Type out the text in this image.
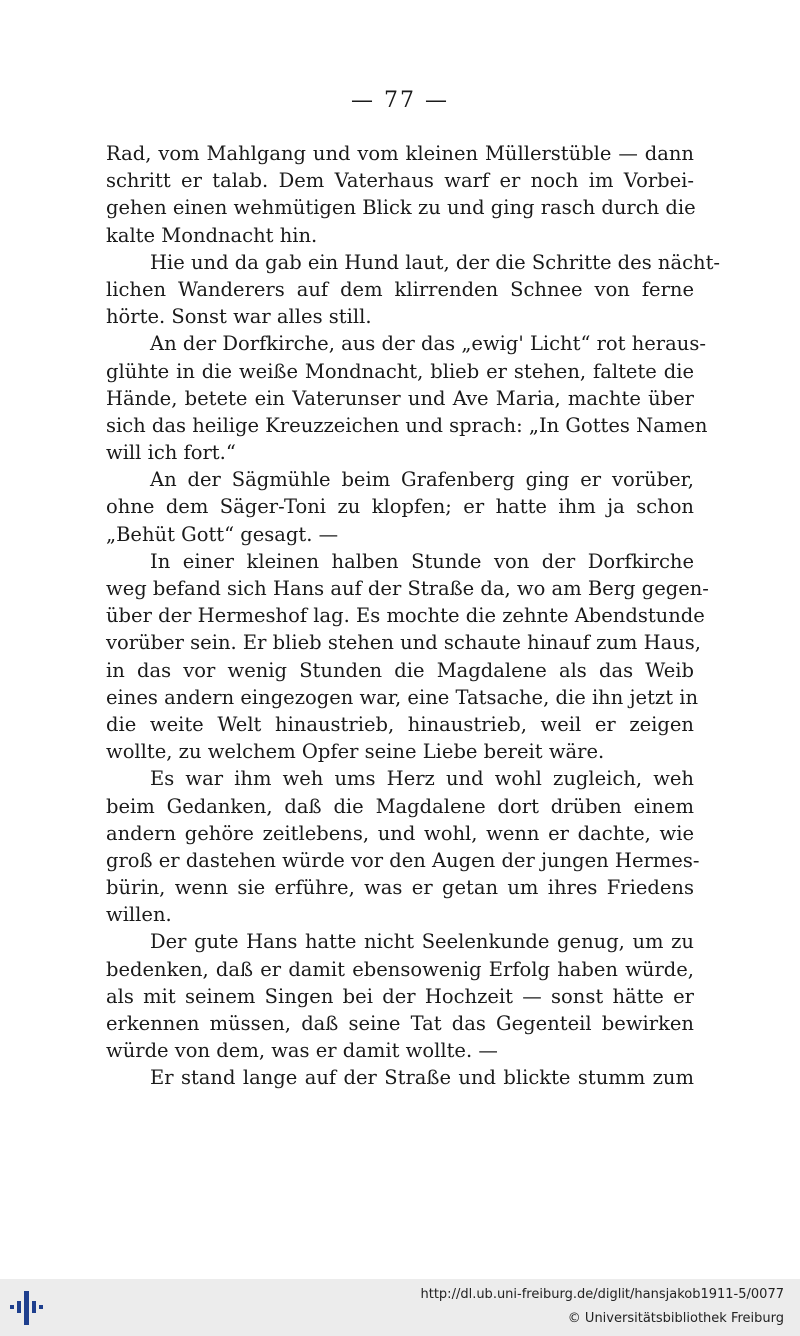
— 77 —
Rad, vom Mahlgang und vom kleinen Müllerstüble — dann
schritt er talab. Dem Vaterhaus warf er noch im Vorbei-
gehen einen wehmütigen Blick zu und ging rasch durch die
kalte Mondnacht hin.
Hie und da gab ein Hund laut, der die Schritte des nächt-
lichen Wanderers auf dem klirrenden Schnee von ferne
hörte. Sonst war alles still.
An der Dorfkirche, aus der das „ewig' Licht“ rot heraus-
glühte in die weiße Mondnacht, blieb er stehen, faltete die
Hände, betete ein Vaterunser und Ave Maria, machte über
sich das heilige Kreuzzeichen und sprach: „In Gottes Namen
will ich fort.“
An der Sägmühle beim Grafenberg ging er vorüber,
ohne dem Säger-Toni zu klopfen; er hatte ihm ja schon
„Behüt Gott“ gesagt. —
In einer kleinen halben Stunde von der Dorfkirche
weg befand sich Hans auf der Straße da, wo am Berg gegen-
über der Hermeshof lag. Es mochte die zehnte Abendstunde
vorüber sein. Er blieb stehen und schaute hinauf zum Haus,
in das vor wenig Stunden die Magdalene als das Weib
eines andern eingezogen war, eine Tatsache, die ihn jetzt in
die weite Welt hinaustrieb, hinaustrieb, weil er zeigen
wollte, zu welchem Opfer seine Liebe bereit wäre.
Es war ihm weh ums Herz und wohl zugleich, weh
beim Gedanken, daß die Magdalene dort drüben einem
andern gehöre zeitlebens, und wohl, wenn er dachte, wie
groß er dastehen würde vor den Augen der jungen Hermes-
bürin, wenn sie erführe, was er getan um ihres Friedens
willen.
Der gute Hans hatte nicht Seelenkunde genug, um zu
bedenken, daß er damit ebensowenig Erfolg haben würde,
als mit seinem Singen bei der Hochzeit — sonst hätte er
erkennen müssen, daß seine Tat das Gegenteil bewirken
würde von dem, was er damit wollte. —
Er stand lange auf der Straße und blickte stumm zum
http://dl.ub.uni-freiburg.de/diglit/hansjakob1911-5/0077
© Universitätsbibliothek Freiburg
